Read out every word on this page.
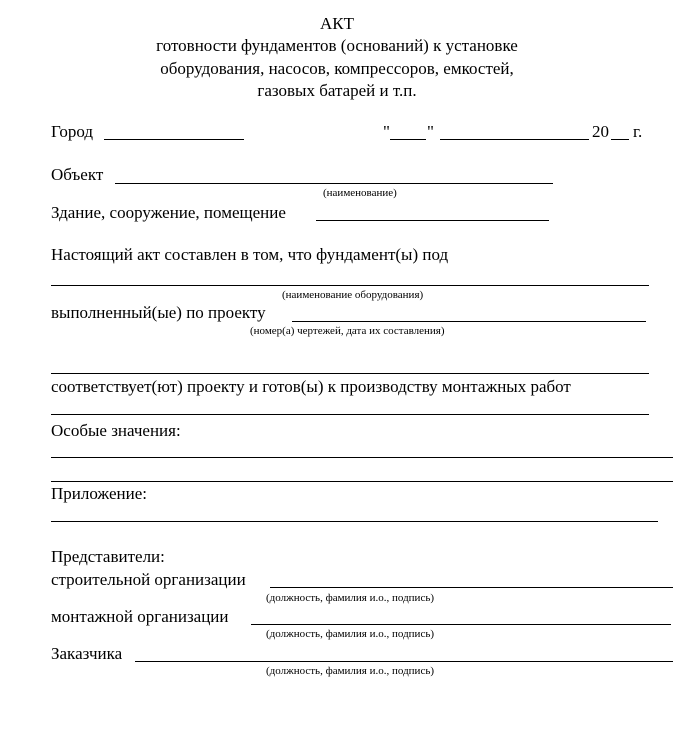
АКТ
готовности фундаментов (оснований) к установке
оборудования, насосов, компрессоров, емкостей,
газовых батарей и т.п.
Город	" "	20 г.
Объект
(наименование)
Здание, сооружение, помещение
Настоящий акт составлен в том, что фундамент(ы) под
(наименование оборудования)
выполненный(ые) по проекту
(номер(а) чертежей, дата их составления)
соответствует(ют) проекту и готов(ы) к производству монтажных работ
Особые значения:
Приложение:
Представители:
строительной организации
(должность, фамилия и.о., подпись)
монтажной организации
(должность, фамилия и.о., подпись)
Заказчика
(должность, фамилия и.о., подпись)
